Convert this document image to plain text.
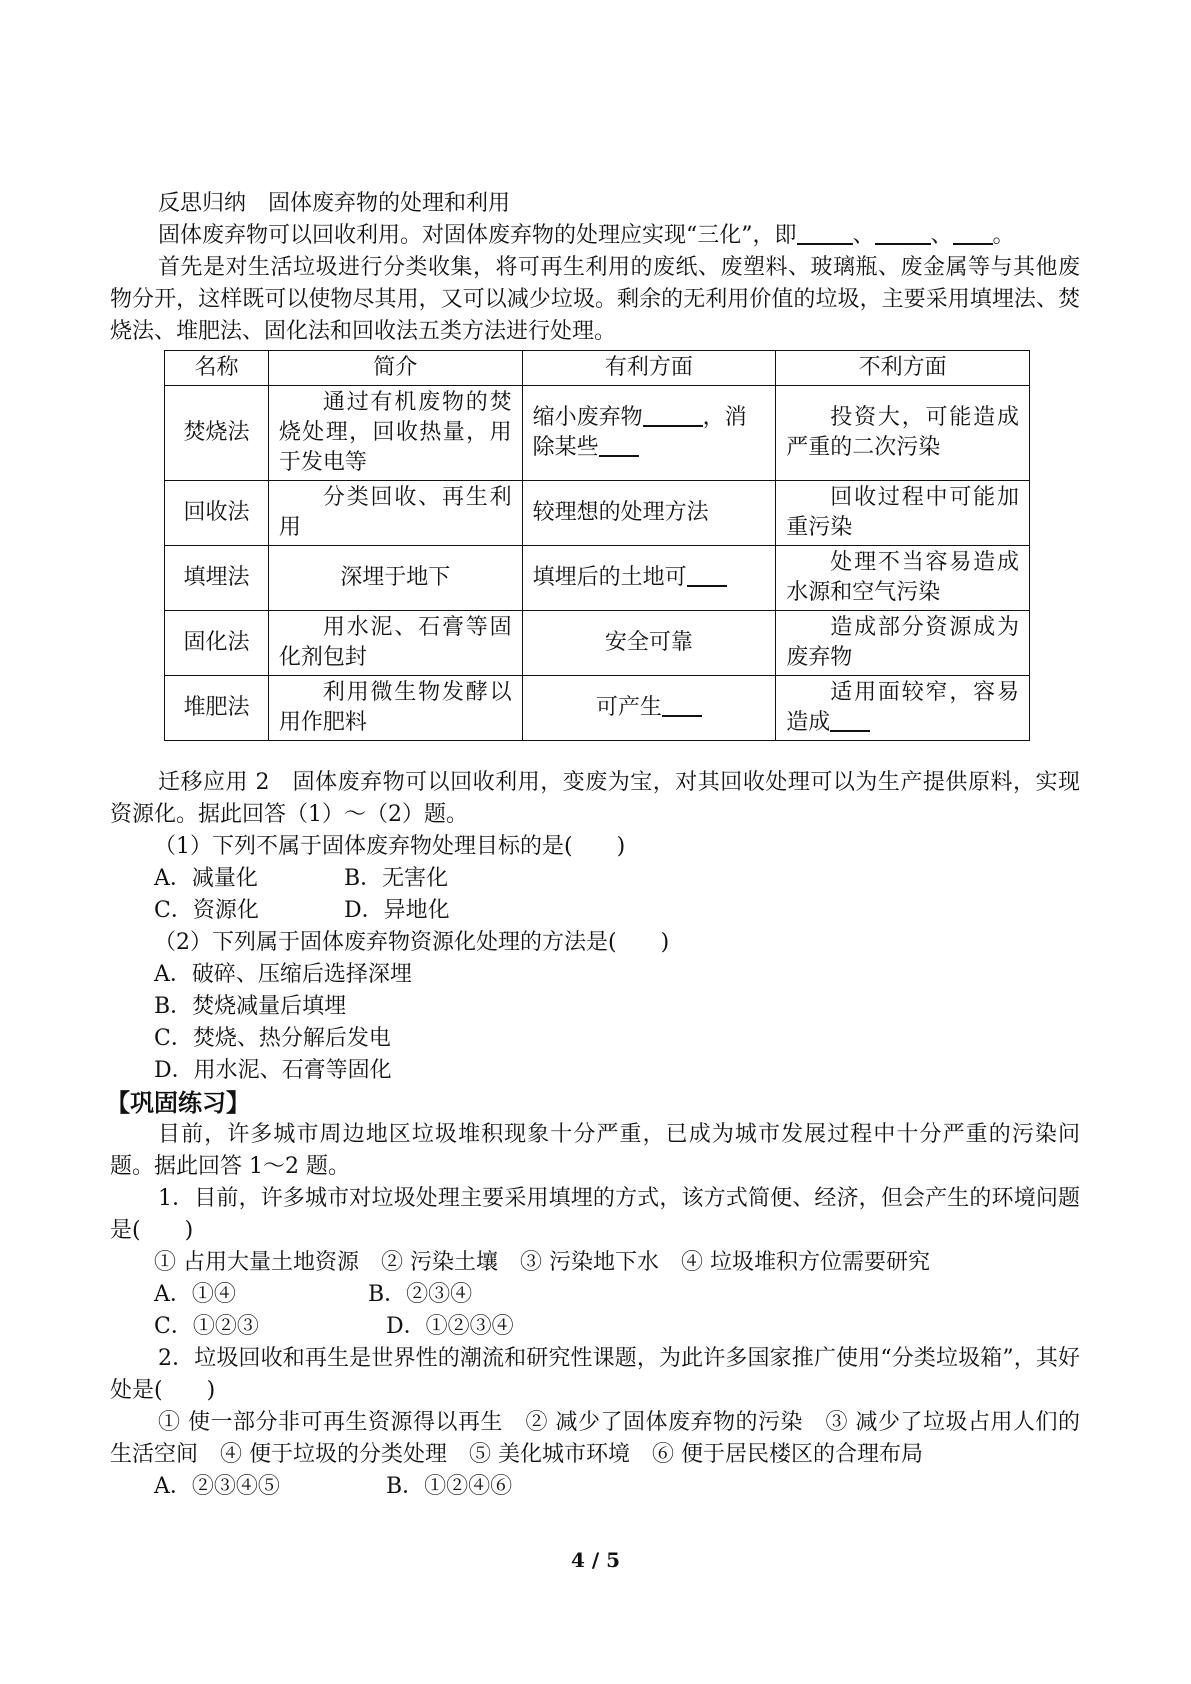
反思归纳　固体废弃物的处理和利用
固体废弃物可以回收利用。对固体废弃物的处理应实现“三化”，即	、	、 。
首先是对生活垃圾进行分类收集，将可再生利用的废纸、废塑料、玻璃瓶、废金属等与其他废物分开，这样既可以使物尽其用，又可以减少垃圾。剩余的无利用价值的垃圾，主要采用填埋法、焚烧法、堆肥法、固化法和回收法五类方法进行处理。
名称	简介	有利方面	不利方面
焚烧法	通过有机废物的焚烧处理，回收热量，用于发电等	缩小废弃物 ，消除某些	投资大，可能造成严重的二次污染
回收法	分类回收、再生利用	较理想的处理方法	回收过程中可能加重污染
填埋法	深埋于地下	填埋后的土地可	处理不当容易造成水源和空气污染
固化法	用水泥、石膏等固化剂包封	安全可靠	造成部分资源成为废弃物
堆肥法	利用微生物发酵以用作肥料	可产生	适用面较窄，容易造成
迁移应用 2　固体废弃物可以回收利用，变废为宝，对其回收处理可以为生产提供原料，实现资源化。据此回答（1）～（2）题。
（1）下列不属于固体废弃物处理目标的是(　　)
A．减量化	B．无害化
C．资源化	D．异地化
（2）下列属于固体废弃物资源化处理的方法是(　　)
A．破碎、压缩后选择深埋
B．焚烧减量后填埋
C．焚烧、热分解后发电
D．用水泥、石膏等固化
【巩固练习】
目前，许多城市周边地区垃圾堆积现象十分严重，已成为城市发展过程中十分严重的污染问题。据此回答 1～2 题。
1．目前，许多城市对垃圾处理主要采用填埋的方式，该方式简便、经济，但会产生的环境问题是(　　)
① 占用大量土地资源　② 污染土壤　③ 污染地下水　④ 垃圾堆积方位需要研究
A．①④	B．②③④
C．①②③	D．①②③④
2．垃圾回收和再生是世界性的潮流和研究性课题，为此许多国家推广使用“分类垃圾箱”，其好处是(　　)
① 使一部分非可再生资源得以再生　② 减少了固体废弃物的污染　③ 减少了垃圾占用人们的生活空间　④ 便于垃圾的分类处理　⑤ 美化城市环境　⑥ 便于居民楼区的合理布局
A．②③④⑤	B．①②④⑥
4 / 5
